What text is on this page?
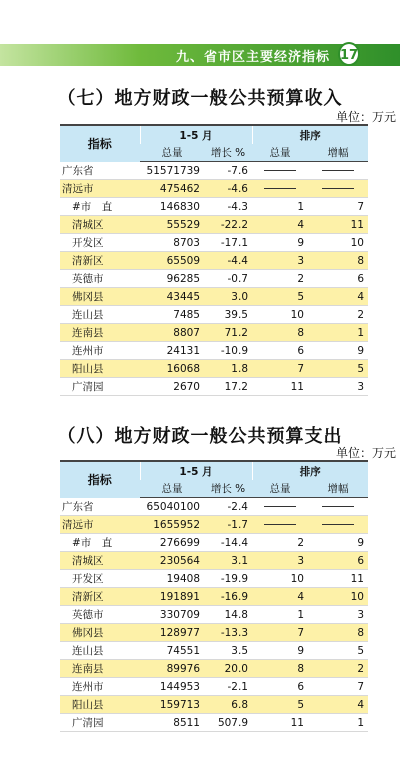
九、省市区主要经济指标 17
（七）地方财政一般公共预算收入
单位：万元
指标	1-5 月		排序	
	总量	增长 %	总量	增幅
广东省	51571739	-7.6		
清远市	475462	-4.6		
#市　直	146830	-4.3	1	7
清城区	55529	-22.2	4	11
开发区	8703	-17.1	9	10
清新区	65509	-4.4	3	8
英德市	96285	-0.7	2	6
佛冈县	43445	3.0	5	4
连山县	7485	39.5	10	2
连南县	8807	71.2	8	1
连州市	24131	-10.9	6	9
阳山县	16068	1.8	7	5
广清园	2670	17.2	11	3
（八）地方财政一般公共预算支出
单位：万元
指标	1-5 月		排序	
	总量	增长 %	总量	增幅
广东省	65040100	-2.4		
清远市	1655952	-1.7		
#市　直	276699	-14.4	2	9
清城区	230564	3.1	3	6
开发区	19408	-19.9	10	11
清新区	191891	-16.9	4	10
英德市	330709	14.8	1	3
佛冈县	128977	-13.3	7	8
连山县	74551	3.5	9	5
连南县	89976	20.0	8	2
连州市	144953	-2.1	6	7
阳山县	159713	6.8	5	4
广清园	8511	507.9	11	1
